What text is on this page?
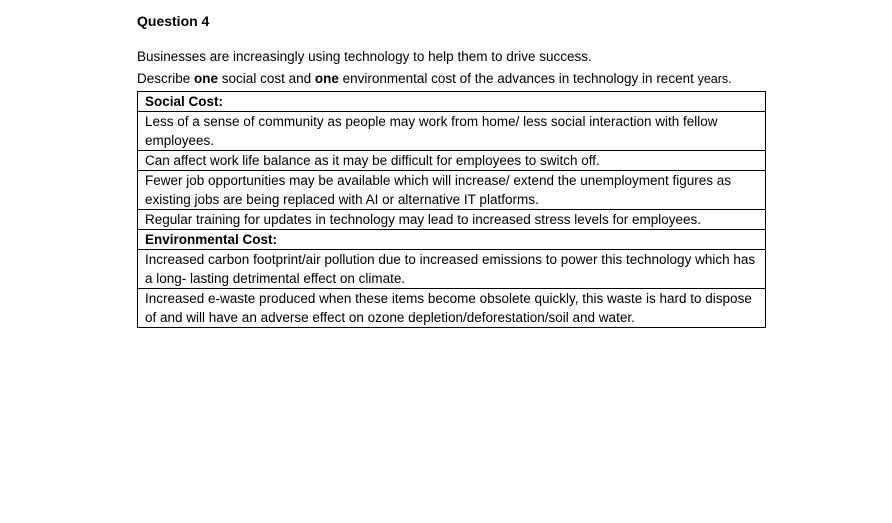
Question 4

Businesses are increasingly using technology to help them to drive success.

Describe one social cost and one environmental cost of the advances in technology in recent years.

Social Cost:
Less of a sense of community as people may work from home/ less social interaction with fellow employees.
Can affect work life balance as it may be difficult for employees to switch off.
Fewer job opportunities may be available which will increase/ extend the unemployment figures as existing jobs are being replaced with AI or alternative IT platforms.
Regular training for updates in technology may lead to increased stress levels for employees.
Environmental Cost:
Increased carbon footprint/air pollution due to increased emissions to power this technology which has a long- lasting detrimental effect on climate.
Increased e-waste produced when these items become obsolete quickly, this waste is hard to dispose of and will have an adverse effect on ozone depletion/deforestation/soil and water.
